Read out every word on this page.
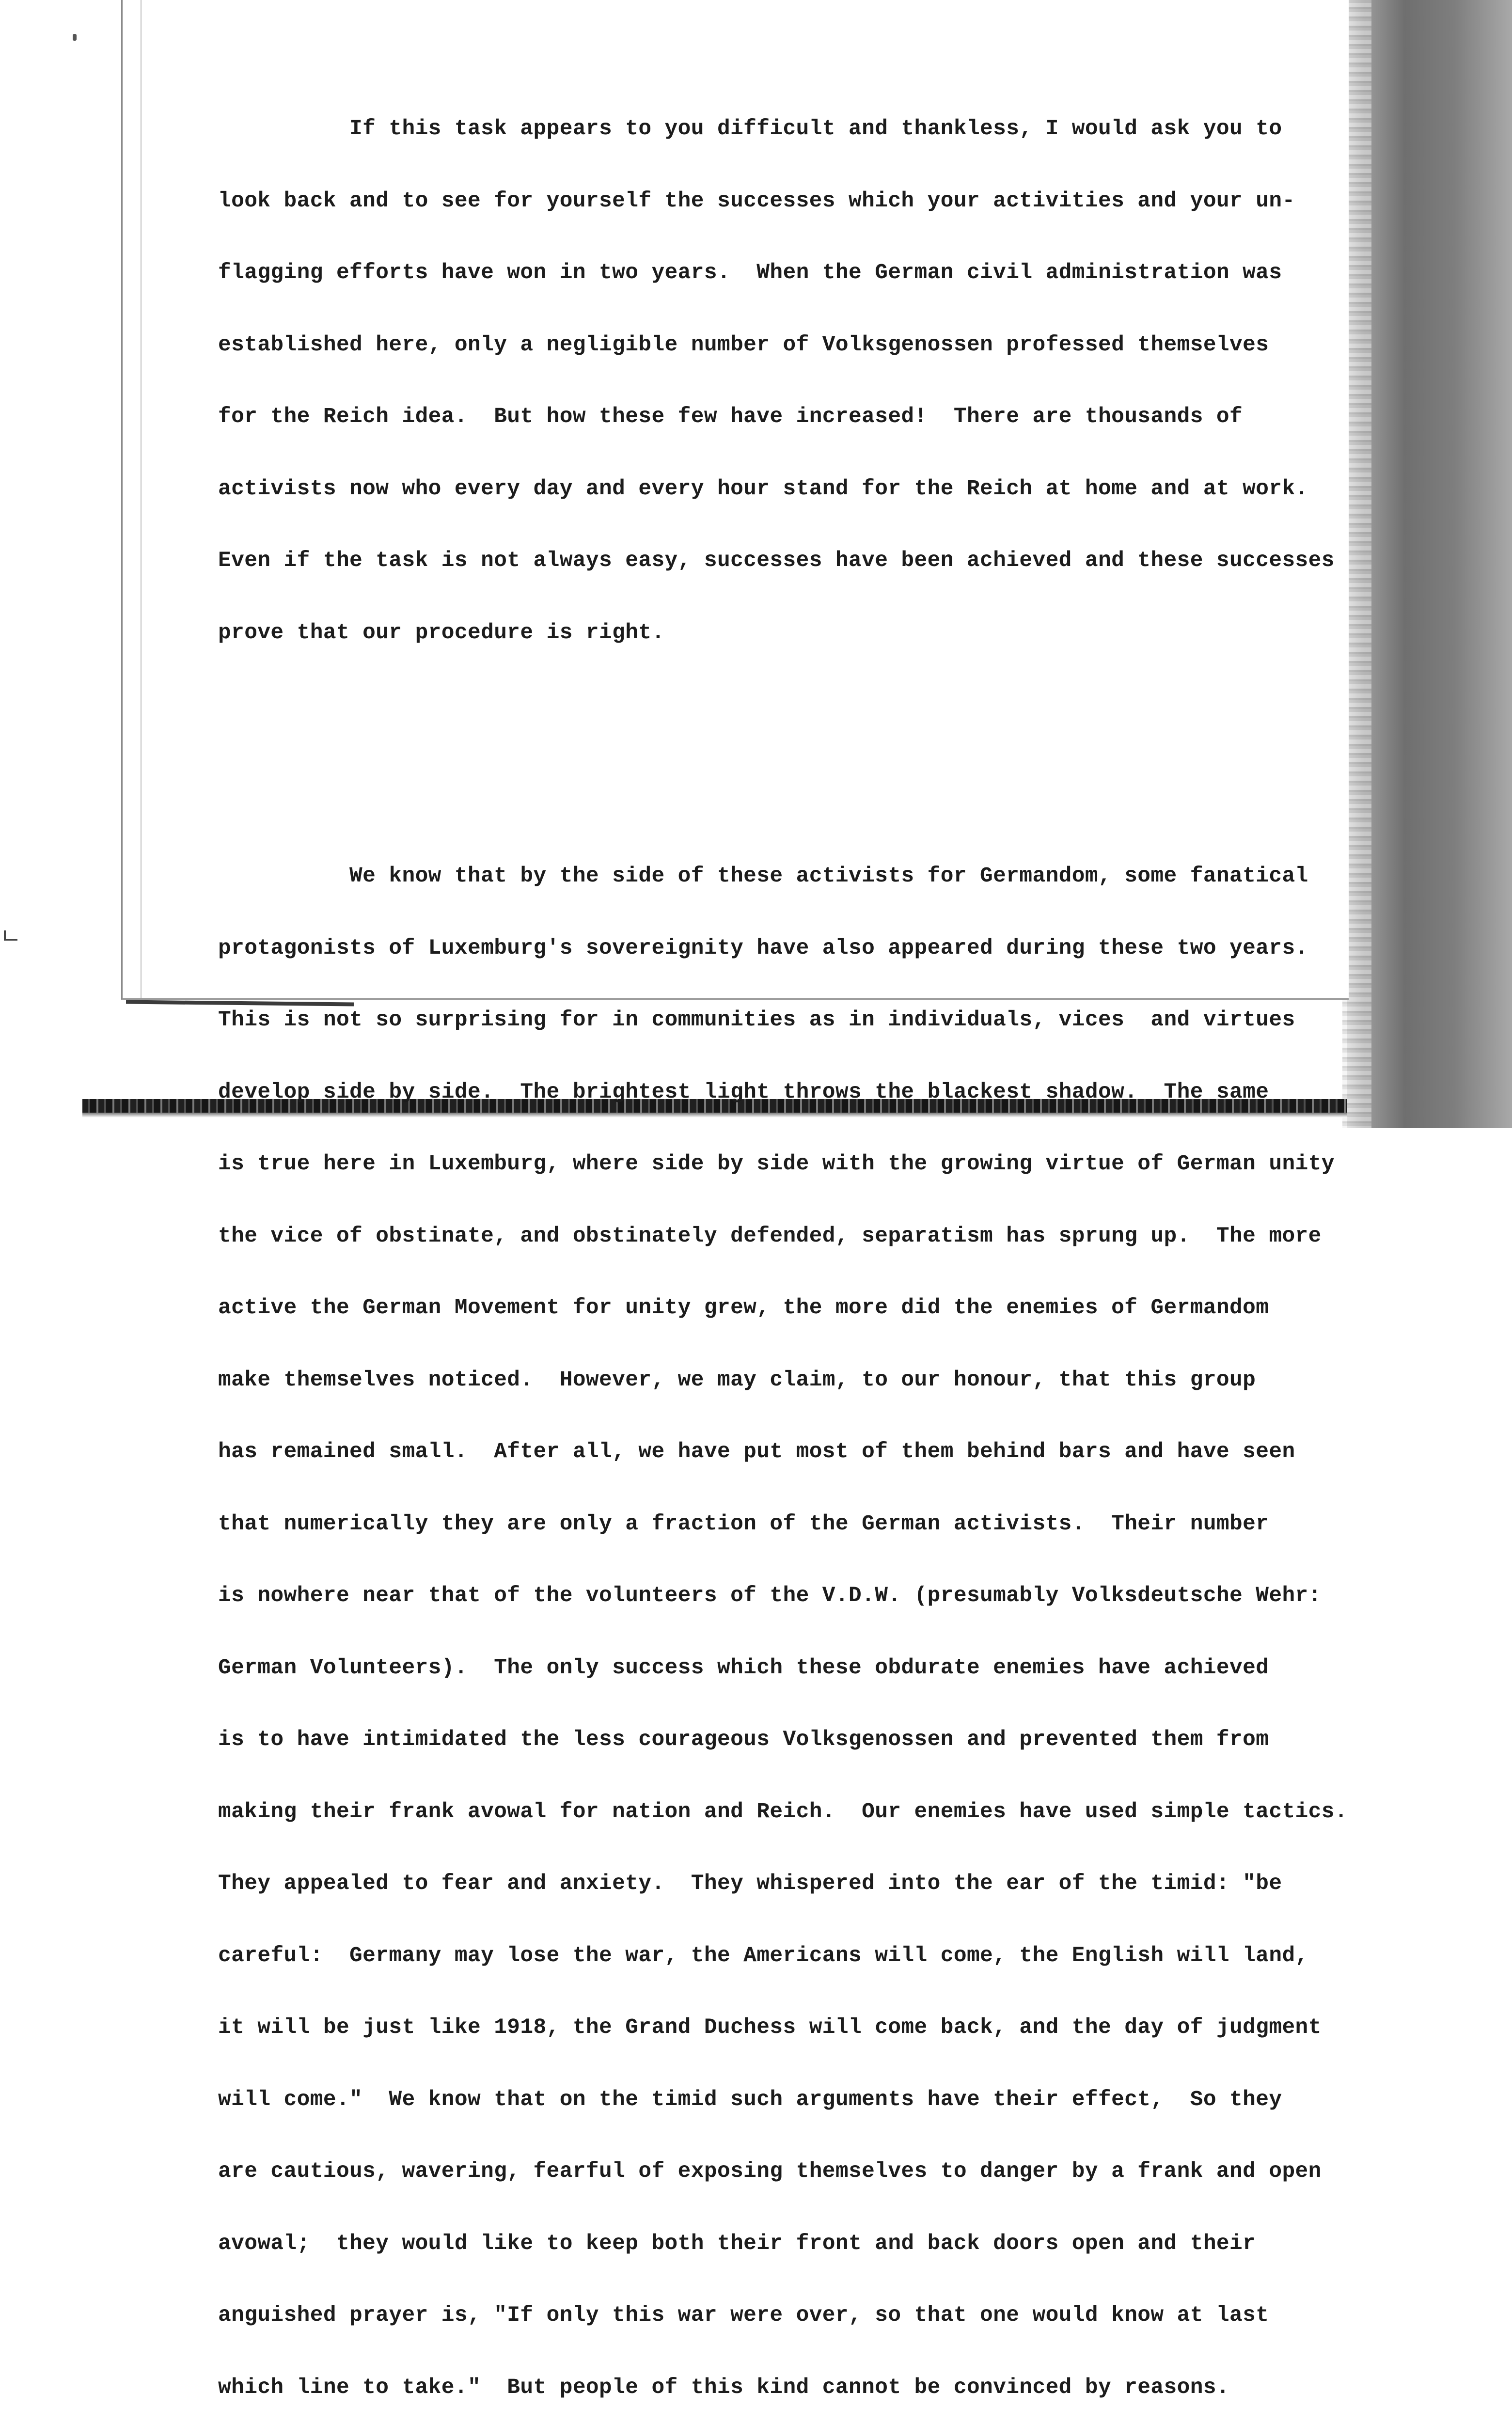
If this task appears to you difficult and thankless, I would ask you to

look back and to see for yourself the successes which your activities and your un-

flagging efforts have won in two years.  When the German civil administration was

established here, only a negligible number of Volksgenossen professed themselves

for the Reich idea.  But how these few have increased!  There are thousands of

activists now who every day and every hour stand for the Reich at home and at work.

Even if the task is not always easy, successes have been achieved and these successes

prove that our procedure is right.

We know that by the side of these activists for Germandom, some fanatical

protagonists of Luxemburg's sovereignity have also appeared during these two years.

This is not so surprising for in communities as in individuals, vices  and virtues

develop side by side.  The brightest light throws the blackest shadow.  The same

is true here in Luxemburg, where side by side with the growing virtue of German unity

the vice of obstinate, and obstinately defended, separatism has sprung up.  The more

active the German Movement for unity grew, the more did the enemies of Germandom

make themselves noticed.  However, we may claim, to our honour, that this group

has remained small.  After all, we have put most of them behind bars and have seen

that numerically they are only a fraction of the German activists.  Their number

is nowhere near that of the volunteers of the V.D.W. (presumably Volksdeutsche Wehr:

German Volunteers).  The only success which these obdurate enemies have achieved

is to have intimidated the less courageous Volksgenossen and prevented them from

making their frank avowal for nation and Reich.  Our enemies have used simple tactics.

They appealed to fear and anxiety.  They whispered into the ear of the timid: "be

careful:  Germany may lose the war, the Americans will come, the English will land,

it will be just like 1918, the Grand Duchess will come back, and the day of judgment

will come."  We know that on the timid such arguments have their effect,  So they

are cautious, wavering, fearful of exposing themselves to danger by a frank and open

avowal;  they would like to keep both their front and back doors open and their

anguished prayer is, "If only this war were over, so that one would know at last

which line to take."  But people of this kind cannot be convinced by reasons.
